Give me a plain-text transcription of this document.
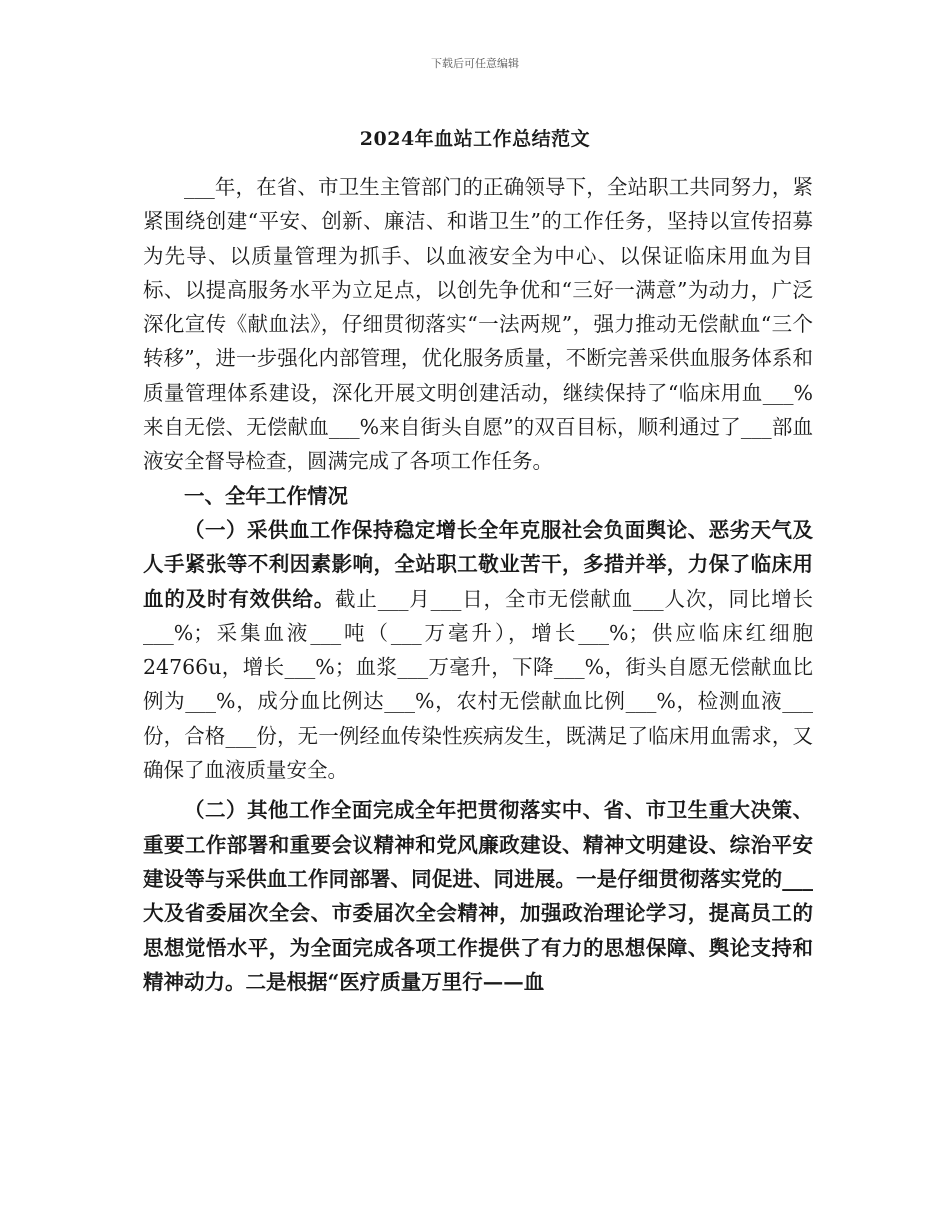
下载后可任意编辑
2024年血站工作总结范文

___年，在省、市卫生主管部门的正确领导下，全站职工共同努力，紧紧围绕创建“平安、创新、廉洁、和谐卫生”的工作任务，坚持以宣传招募为先导、以质量管理为抓手、以血液安全为中心、以保证临床用血为目标、以提高服务水平为立足点，以创先争优和“三好一满意”为动力，广泛深化宣传《献血法》，仔细贯彻落实“一法两规”，强力推动无偿献血“三个转移”，进一步强化内部管理，优化服务质量，不断完善采供血服务体系和质量管理体系建设，深化开展文明创建活动，继续保持了“临床用血___%来自无偿、无偿献血___%来自街头自愿”的双百目标，顺利通过了___部血液安全督导检查，圆满完成了各项工作任务。

一、全年工作情况

（一）采供血工作保持稳定增长全年克服社会负面舆论、恶劣天气及人手紧张等不利因素影响，全站职工敬业苦干，多措并举，力保了临床用血的及时有效供给。截止___月___日，全市无偿献血___人次，同比增长___%；采集血液___吨（___万毫升），增长___%；供应临床红细胞24766u，增长___%；血浆___万毫升，下降___%，街头自愿无偿献血比例为___%，成分血比例达___%，农村无偿献血比例___%，检测血液___份，合格___份，无一例经血传染性疾病发生，既满足了临床用血需求，又确保了血液质量安全。

（二）其他工作全面完成全年把贯彻落实中、省、市卫生重大决策、重要工作部署和重要会议精神和党风廉政建设、精神文明建设、综治平安建设等与采供血工作同部署、同促进、同进展。一是仔细贯彻落实党的___大及省委届次全会、市委届次全会精神，加强政治理论学习，提高员工的思想觉悟水平，为全面完成各项工作提供了有力的思想保障、舆论支持和精神动力。二是根据“医疗质量万里行——血
